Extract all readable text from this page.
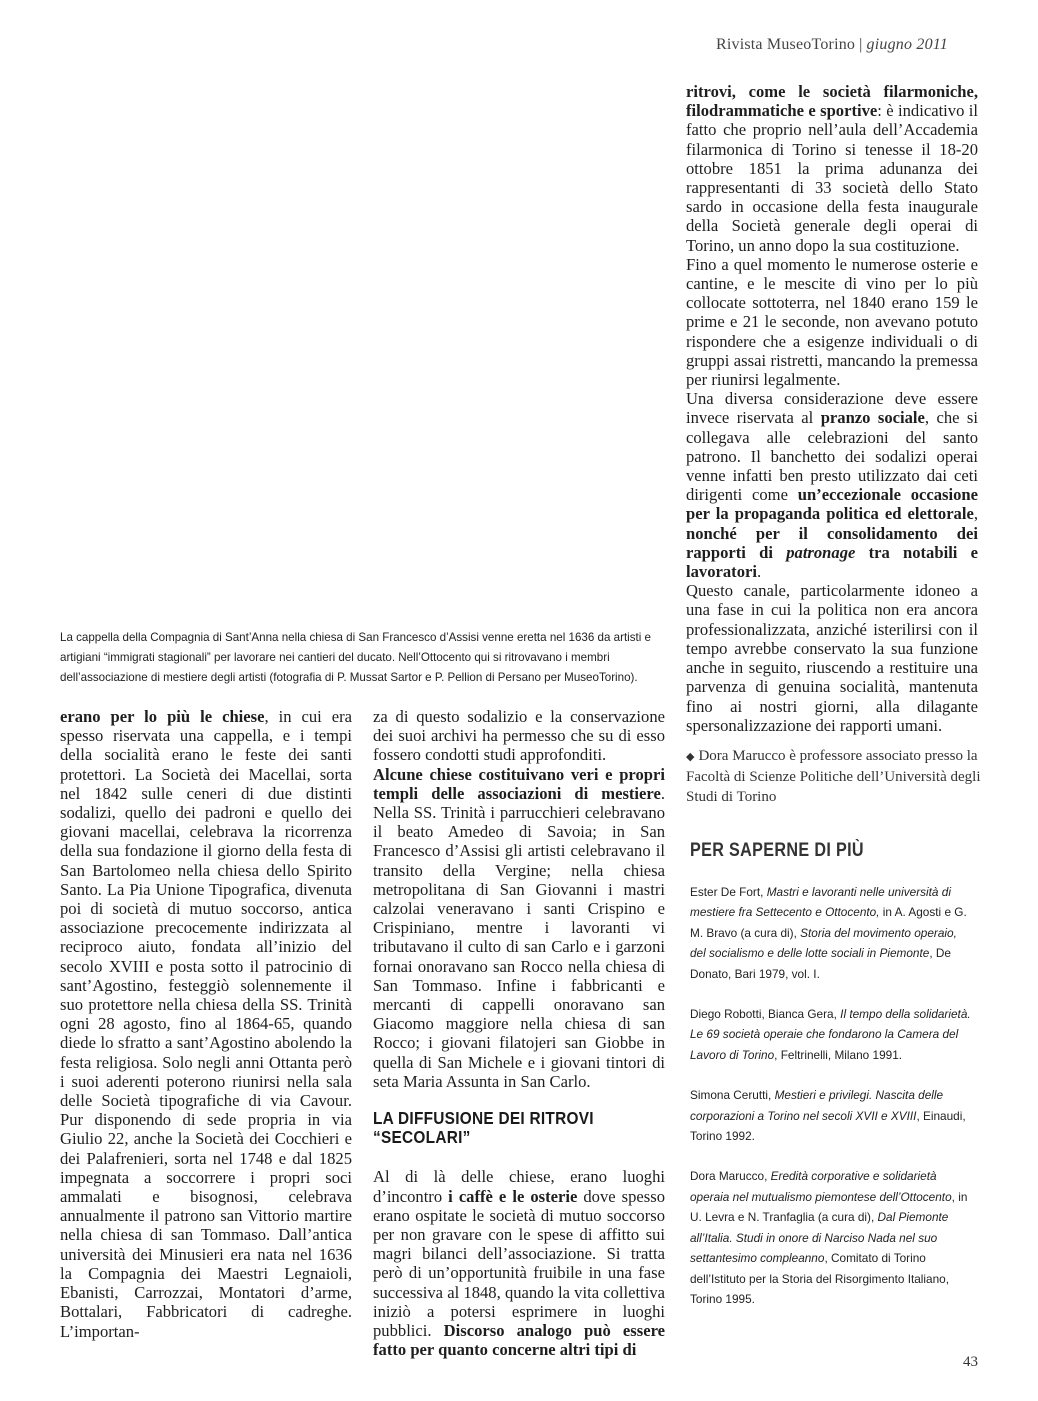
Rivista MuseoTorino | giugno 2011
La cappella della Compagnia di Sant’Anna nella chiesa di San Francesco d’Assisi venne eretta nel 1636 da artisti e artigiani “immigrati stagionali” per lavorare nei cantieri del ducato. Nell’Ottocento qui si ritrovavano i membri dell’associazione di mestiere degli artisti (fotografia di P. Mussat Sartor e P. Pellion di Persano per MuseoTorino).

erano per lo più le chiese, in cui era spesso riservata una cappella, e i tempi della socialità erano le feste dei santi protettori. La Società dei Macellai, sorta nel 1842 sulle ceneri di due distinti sodalizi, quello dei padroni e quello dei giovani macellai, celebrava la ricorrenza della sua fondazione il giorno della festa di San Bartolomeo nella chiesa dello Spirito Santo. La Pia Unione Tipografica, divenuta poi di società di mutuo soccorso, antica associazione precocemente indirizzata al reciproco aiuto, fondata all’inizio del secolo XVIII e posta sotto il patrocinio di sant’Agostino, festeggiò solennemente il suo protettore nella chiesa della SS. Trinità ogni 28 agosto, fino al 1864-65, quando diede lo sfratto a sant’Agostino abolendo la festa religiosa. Solo negli anni Ottanta però i suoi aderenti poterono riunirsi nella sala delle Società tipografiche di via Cavour. Pur disponendo di sede propria in via Giulio 22, anche la Società dei Cocchieri e dei Palafrenieri, sorta nel 1748 e dal 1825 impegnata a soccorrere i propri soci ammalati e bisognosi, celebrava annualmente il patrono san Vittorio martire nella chiesa di san Tommaso. Dall’antica università dei Minusieri era nata nel 1636 la Compagnia dei Maestri Legnaioli, Ebanisti, Carrozzai, Montatori d’arme, Bottalari, Fabbricatori di cadreghe. L’importan-

za di questo sodalizio e la conservazione dei suoi archivi ha permesso che su di esso fossero condotti studi approfonditi.

Alcune chiese costituivano veri e propri templi delle associazioni di mestiere. Nella SS. Trinità i parrucchieri celebravano il beato Amedeo di Savoia; in San Francesco d’Assisi gli artisti celebravano il transito della Vergine; nella chiesa metropolitana di San Giovanni i mastri calzolai veneravano i santi Crispino e Crispiniano, mentre i lavoranti vi tributavano il culto di san Carlo e i garzoni fornai onoravano san Rocco nella chiesa di San Tommaso. Infine i fabbricanti e mercanti di cappelli onoravano san Giacomo maggiore nella chiesa di san Rocco; i giovani filatojeri san Giobbe in quella di San Michele e i giovani tintori di seta Maria Assunta in San Carlo.

LA DIFFUSIONE DEI RITROVI “SECOLARI”

Al di là delle chiese, erano luoghi d’incontro i caffè e le osterie dove spesso erano ospitate le società di mutuo soccorso per non gravare con le spese di affitto sui magri bilanci dell’associazione. Si tratta però di un’opportunità fruibile in una fase successiva al 1848, quando la vita collettiva iniziò a potersi esprimere in luoghi pubblici. Discorso analogo può essere fatto per quanto concerne altri tipi di

ritrovi, come le società filarmoniche, filodrammatiche e sportive: è indicativo il fatto che proprio nell’aula dell’Accademia filarmonica di Torino si tenesse il 18-20 ottobre 1851 la prima adunanza dei rappresentanti di 33 società dello Stato sardo in occasione della festa inaugurale della Società generale degli operai di Torino, un anno dopo la sua costituzione.

Fino a quel momento le numerose osterie e cantine, e le mescite di vino per lo più collocate sottoterra, nel 1840 erano 159 le prime e 21 le seconde, non avevano potuto rispondere che a esigenze individuali o di gruppi assai ristretti, mancando la premessa per riunirsi legalmente.

Una diversa considerazione deve essere invece riservata al pranzo sociale, che si collegava alle celebrazioni del santo patrono. Il banchetto dei sodalizi operai venne infatti ben presto utilizzato dai ceti dirigenti come un’eccezionale occasione per la propaganda politica ed elettorale, nonché per il consolidamento dei rapporti di patronage tra notabili e lavoratori.

Questo canale, particolarmente idoneo a una fase in cui la politica non era ancora professionalizzata, anziché isterilirsi con il tempo avrebbe conservato la sua funzione anche in seguito, riuscendo a restituire una parvenza di genuina socialità, mantenuta fino ai nostri giorni, alla dilagante spersonalizzazione dei rapporti umani.

◆ Dora Marucco è professore associato presso la Facoltà di Scienze Politiche dell’Università degli Studi di Torino
PER SAPERNE DI PIÙ

Ester De Fort, Mastri e lavoranti nelle università di mestiere fra Settecento e Ottocento, in A. Agosti e G. M. Bravo (a cura di), Storia del movimento operaio, del socialismo e delle lotte sociali in Piemonte, De Donato, Bari 1979, vol. I.

Diego Robotti, Bianca Gera, Il tempo della solidarietà. Le 69 società operaie che fondarono la Camera del Lavoro di Torino, Feltrinelli, Milano 1991.

Simona Cerutti, Mestieri e privilegi. Nascita delle corporazioni a Torino nel secoli XVII e XVIII, Einaudi, Torino 1992.

Dora Marucco, Eredità corporative e solidarietà operaia nel mutualismo piemontese dell’Ottocento, in U. Levra e N. Tranfaglia (a cura di), Dal Piemonte all’Italia. Studi in onore di Narciso Nada nel suo settantesimo compleanno, Comitato di Torino dell’Istituto per la Storia del Risorgimento Italiano, Torino 1995.

43
